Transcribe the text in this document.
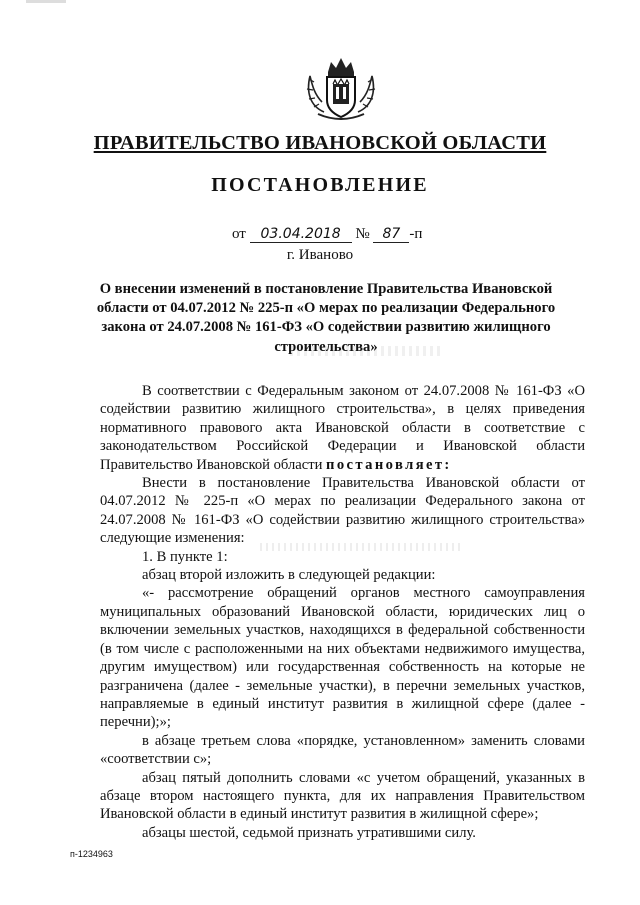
ПРАВИТЕЛЬСТВО ИВАНОВСКОЙ ОБЛАСТИ
ПОСТАНОВЛЕНИЕ
от 03.04.2018 № 87 -п
г. Иваново
О внесении изменений в постановление Правительства Ивановской области от 04.07.2012 № 225-п «О мерах по реализации Федерального закона от 24.07.2008 № 161-ФЗ «О содействии развитию жилищного строительства»

В соответствии с Федеральным законом от 24.07.2008 № 161-ФЗ «О содействии развитию жилищного строительства», в целях приведения нормативного правового акта Ивановской области в соответствие с законодательством Российской Федерации и Ивановской области Правительство Ивановской области постановляет:

Внести в постановление Правительства Ивановской области от 04.07.2012 № 225-п «О мерах по реализации Федерального закона от 24.07.2008 № 161-ФЗ «О содействии развитию жилищного строительства» следующие изменения:

1. В пункте 1:

абзац второй изложить в следующей редакции:

«- рассмотрение обращений органов местного самоуправления муниципальных образований Ивановской области, юридических лиц о включении земельных участков, находящихся в федеральной собственности (в том числе с расположенными на них объектами недвижимого имущества, другим имуществом) или государственная собственность на которые не разграничена (далее - земельные участки), в перечни земельных участков, направляемые в единый институт развития в жилищной сфере (далее - перечни);»;

в абзаце третьем слова «порядке, установленном» заменить словами «соответствии с»;

абзац пятый дополнить словами «с учетом обращений, указанных в абзаце втором настоящего пункта, для их направления Правительством Ивановской области в единый институт развития в жилищной сфере»;

абзацы шестой, седьмой признать утратившими силу.

п-1234963
